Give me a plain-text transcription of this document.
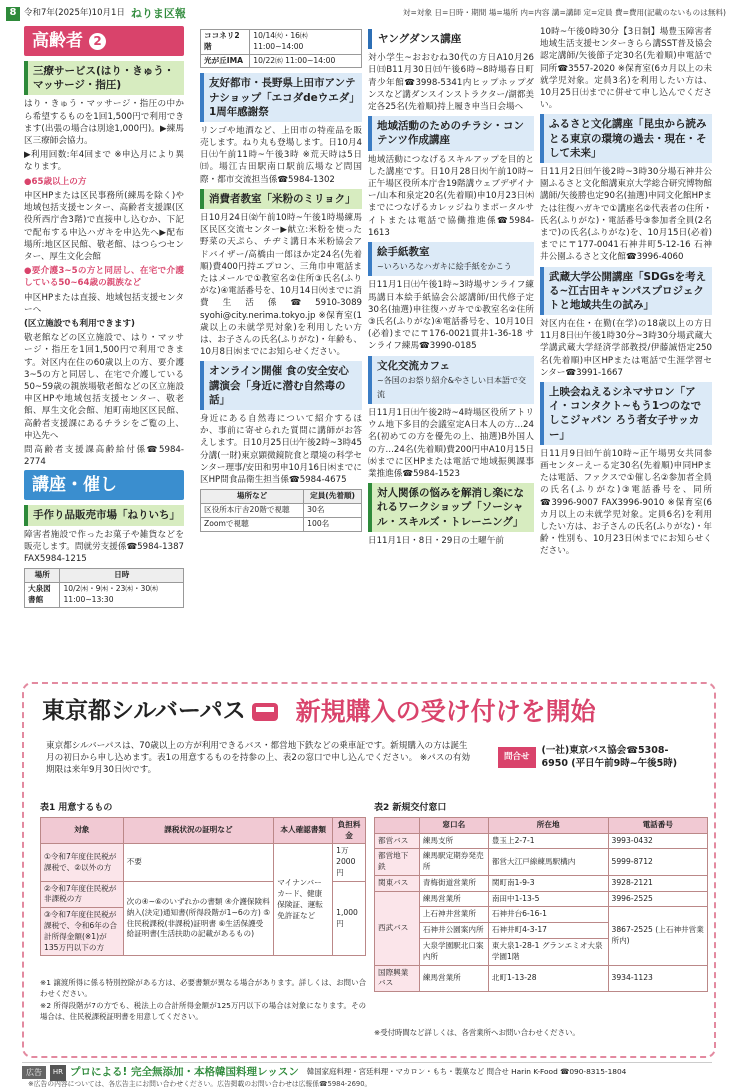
8 令和7年(2025年)10月1日 ねりま区報	対=対象 日=日時・期間 場=場所 内=内容 講=講師 定=定員 費=費用(記載のないものは無料)
高齢者 2
三療サービス(はり・きゅう・マッサージ・指圧)

はり・きゅう・マッサージ・指圧の中から希望するものを1回1,500円で利用できます(出張の場合は別途1,000円)。▶練馬区三療師会協力。

▶利用回数:年4回まで ※申込月により異なります。

●65歳以上の方

申区HPまたは区民事務所(練馬を除く)や地域包括支援センター、高齢者支援課(区役所西庁舎3階)で直接申し込むか、下記で配布する申込ハガキを申込先へ▶配布場所:地区区民館、敬老館、はつらつセンター、厚生文化会館

●要介護3~5の方と同居し、在宅で介護している50~64歳の親族など

申区HPまたは直接、地域包括支援センターへ

(区立施設でも利用できます)

敬老館などの区立施設で、はり・マッサージ・指圧を1回1,500円で利用できます。対区内在住の60歳以上の方、要介護3~5の方と同居し、在宅で介護している50~59歳の親族場敬老館などの区立施設申区HPや地域包括支援センター、敬老館、厚生文化会館、旭町南地区区民館、高齢者支援課にあるチラシをご覧の上、申込先へ

問高齢者支援課高齢給付係☎5984-2774

講座・催し
手作り品販売市場「ねりいち」

障害者施設で作ったお菓子や雑貨などを販売します。問就労支援係☎5984-1387 FAX5984-1215

場所	日時
大泉図書館	10/2㈭・9㈭・23㈭・30㈭ 11:00~13:30
ココネリ2階	10/14㈫・16㈭ 11:00~14:00
光が丘IMA	10/22㈬ 11:00~14:00
友好都市・長野県上田市アンテナショップ「エコダdeウエダ」1周年感謝祭

リンゴや地酒など、上田市の特産品を販売します。ねり丸も登場します。日10月4日㈯午前11時~午後3時 ※荒天時は5日㈰。場江古田駅南口駅前広場など問国際・都市交流担当係☎5984-1302

消費者教室「米粉のミリョク」

日10月24日㈮午前10時~午後1時場練馬区民区交流センター▶献立:米粉を使った野菜の天ぷら、チヂミ講日本米粉協会アドバイザー/高橋由一郎ほか定24名(先着順)費400円持エプロン、三角巾申電話またはメールで①教室名②住所③氏名(ふりがな)④電話番号を、10月14日㈫までに消費生活係☎5910-3089 syohi@city.nerima.tokyo.jp ※保育室(1歳以上の未就学児対象)を利用したい方は、お子さんの氏名(ふりがな)・年齢も、10月8日㈬までにお知らせください。

オンライン開催 食の安全安心講演会「身近に潜む自然毒の話」

身近にある自然毒について紹介するほか、事前に寄せられた質問に講師がお答えします。日10月25日㈯午後2時~3時45分講(一財)東京顕微鏡院食と環境の科学センター理事/安田和男申10月16日㈭までに区HP問食品衛生担当係☎5984-4675

場所など	定員(先着順)
区役所本庁舎20階で視聴	30名
Zoomで視聴	100名
ヤングダンス講座

対小学生~おおむね30代の方日A10月26日㈰B11月30日㈰午後6時~8時場春日町青少年館☎3998-5341内ヒップホップダンスなど講ダンスインストラクター/湖都美定各25名(先着順)持上履き申当日会場へ

地域活動のためのチラシ・コンテンツ作成講座

地域活動につなげるスキルアップを目的とした講座です。日10月28日㈫午前10時~正午場区役所本庁舎19階講ウェブデザイナー/山本和泉定20名(先着順)申10月23日㈭までにつなげるカレッジねりまポータルサイトまたは電話で協働推進係☎5984-1613

絵手紙教室
~いろいろなハガキに絵手紙をかこう

日11月1日㈯午後1時~3時場サンライフ練馬講日本絵手紙協会公認講師/田代修子定30名(抽選)申往復ハガキで①教室名②住所③氏名(ふりがな)④電話番号を、10月10日(必着)までに〒176-0021貫井1-36-18 サンライフ練馬☎3990-0185

文化交流カフェ
~各国のお祭り紹介&やさしい日本語で交流

日11月1日㈯午後2時~4時場区役所アトリウム地下多目的会議室定A日本人の方…24名(初めての方を優先の上、抽選)B外国人の方…24名(先着順)費200円申A10月15日㈬までに区HPまたは電話で地域振興課事業推進係☎5984-1523

対人関係の悩みを解消し楽になれるワークショップ「ソーシャル・スキルズ・トレーニング」

日11月1日・8日・29日の土曜午前

10時~午後0時30分【3日制】場豊玉障害者地域生活支援センターきらら講SST普及協会認定講師/矢後節子定30名(先着順)申電話で同所☎3557-2020 ※保育室(6カ月以上の未就学児対象。定員3名)を利用したい方は、10月25日㈯までに併せて申し込んでください。

ふるさと文化講座「昆虫から読みとる東京の環境の過去・現在・そして未来」

日11月2日㈰午後2時~3時30分場石神井公園ふるさと文化館講東京大学総合研究博物館講師/矢後勝也定90名(抽選)申同文化館HPまたは往復ハガキで①講座名②代表者の住所・氏名(ふりがな)・電話番号③参加者全員(2名まで)の氏名(ふりがな)を、10月15日(必着)までに〒177-0041石神井町5-12-16 石神井公園ふるさと文化館☎3996-4060

武蔵大学公開講座「SDGsを考える~江古田キャンパスプロジェクトと地域共生の試み」

対区内在住・在勤(在学)の18歳以上の方日11月8日㈯午後1時30分~3時30分場武蔵大学講武蔵大学経済学部教授/伊藤誠悟定250名(先着順)申区HPまたは電話で生涯学習センター☎3991-1667

上映会ねえるシネマサロン「アイ・コンタクト~もう1つのなでしこジャパン ろう者女子サッカー」

日11月9日㈰午前10時~正午場男女共同参画センターえーる定30名(先着順)申同HPまたは電話、ファクスで①催し名②参加者全員の氏名(ふりがな)③電話番号を、同所☎3996-9007 FAX3996-9010 ※保育室(6カ月以上の未就学児対象。定員6名)を利用したい方は、お子さんの氏名(ふりがな)・年齢・性別も、10月23日㈭までにお知らせください。

東京都シルバーパス 新規購入の受け付けを開始
東京都シルバーパスは、70歳以上の方が利用できるバス・都営地下鉄などの乗車証です。新規購入の方は誕生月の初日から申し込めます。表1の用意するものを持参の上、表2の窓口で申し込んでください。 ※パスの有効期限は来年9月30日㈫です。
問合せ
(一社)東京バス協会☎5308-6950 (平日午前9時~午後5時)
表1 用意するもの
対象	課税状況の証明など	本人確認書類	負担料金
①令和7年度住民税が課税で、②以外の方	不要	マイナンバーカード、健康保険証、運転免許証など	1万2000円
②令和7年度住民税が非課税の方	次の④~⑥のいずれかの書類 ④介護保険料納入(決定)通知書(所得段階が1~6の方) ⑤住民税課税(非課税)証明書 ⑥生活保護受給証明書(生活扶助の記載があるもの)		1,000円
③令和7年度住民税が課税で、令和6年の合計所得金額(※1)が135万円以下の方			

※1 譲渡所得に係る特別控除がある方は、必要書類が異なる場合があります。詳しくは、お問い合わせください。

※2 所得段階が7の方でも、税法上の合計所得金額が125万円以下の場合は対象になります。その場合は、住民税課税証明書を用意してください。

表2 新規交付窓口
	窓口名	所在地	電話番号
都営バス	練馬支所	豊玉上2-7-1	3993-0432
都営地下鉄	練馬駅定期券発売所	都営大江戸線練馬駅構内	5999-8712
関東バス	青梅街道営業所	関町南1-9-3	3928-2121
西武バス	練馬営業所	南田中1-13-5	3996-2525
	上石神井営業所	石神井台6-16-1	3867-2525 (上石神井営業所内)
	石神井公園案内所	石神井町4-3-17	
	大泉学園駅北口案内所	東大泉1-28-1 グランエミオ大泉学園1階	
国際興業バス	練馬営業所	北町1-13-28	3934-1123
※受付時間など詳しくは、各営業所へお問い合わせください。
広告	HR プロによる! 完全無添加・本格韓国料理レッスン 韓国家庭料理・宮廷料理・マカロン・もち・製菓など 問合せ Harin K-Food ☎090-8315-1804
※広告の内容については、各広告主にお問い合わせください。広告掲載のお問い合わせは広報係☎5984-2690。
